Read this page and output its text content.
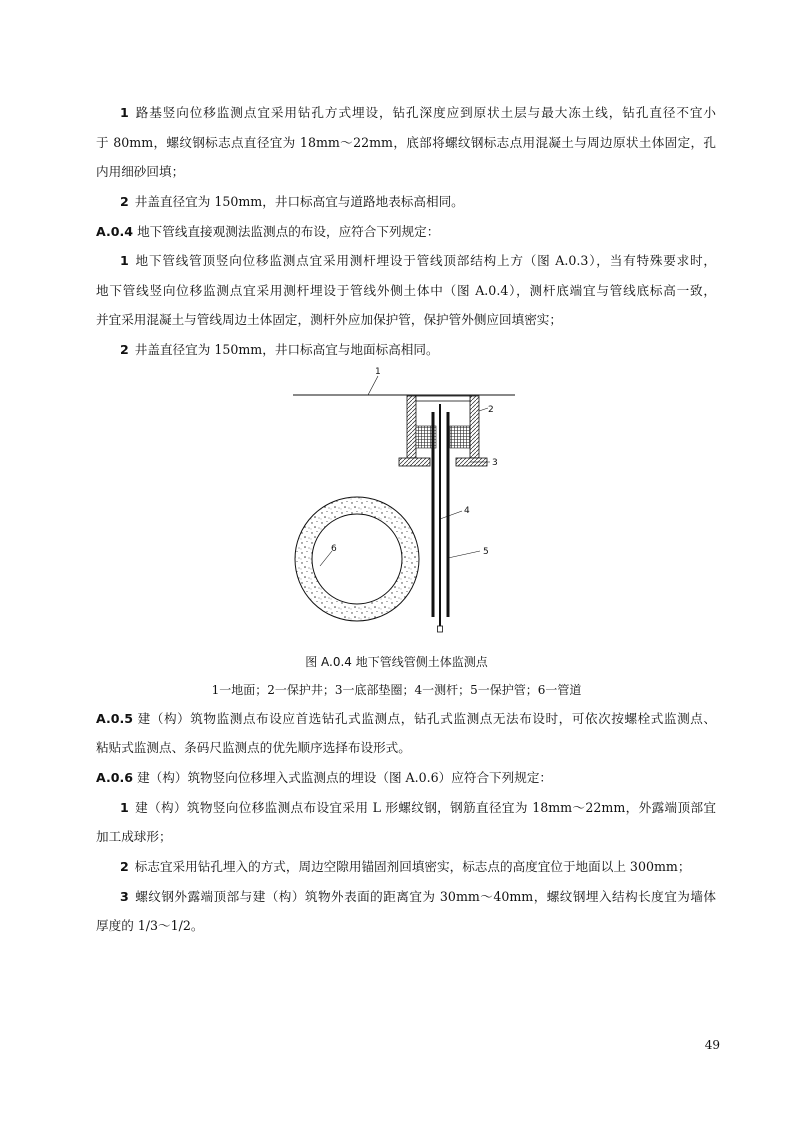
1 路基竖向位移监测点宜采用钻孔方式埋设，钻孔深度应到原状土层与最大冻土线，钻孔直径不宜小
于 80mm，螺纹钢标志点直径宜为 18mm～22mm，底部将螺纹钢标志点用混凝土与周边原状土体固定，孔
内用细砂回填；
2 井盖直径宜为 150mm，井口标高宜与道路地表标高相同。
A.0.4 地下管线直接观测法监测点的布设，应符合下列规定：
1 地下管线管顶竖向位移监测点宜采用测杆埋设于管线顶部结构上方（图 A.0.3），当有特殊要求时，
地下管线竖向位移监测点宜采用测杆埋设于管线外侧土体中（图 A.0.4），测杆底端宜与管线底标高一致，
并宜采用混凝土与管线周边土体固定，测杆外应加保护管，保护管外侧应回填密实；
2 井盖直径宜为 150mm，井口标高宜与地面标高相同。
1
2
3
4
5
6
图 A.0.4 地下管线管侧土体监测点
1一地面；2一保护井；3一底部垫圈；4一测杆；5一保护管；6一管道
A.0.5 建（构）筑物监测点布设应首选钻孔式监测点，钻孔式监测点无法布设时，可依次按螺栓式监测点、
粘贴式监测点、条码尺监测点的优先顺序选择布设形式。
A.0.6 建（构）筑物竖向位移埋入式监测点的埋设（图 A.0.6）应符合下列规定：
1 建（构）筑物竖向位移监测点布设宜采用 L 形螺纹钢，钢筋直径宜为 18mm～22mm，外露端顶部宜
加工成球形；
2 标志宜采用钻孔埋入的方式，周边空隙用锚固剂回填密实，标志点的高度宜位于地面以上 300mm；
3 螺纹钢外露端顶部与建（构）筑物外表面的距离宜为 30mm～40mm，螺纹钢埋入结构长度宜为墙体
厚度的 1/3～1/2。
49
